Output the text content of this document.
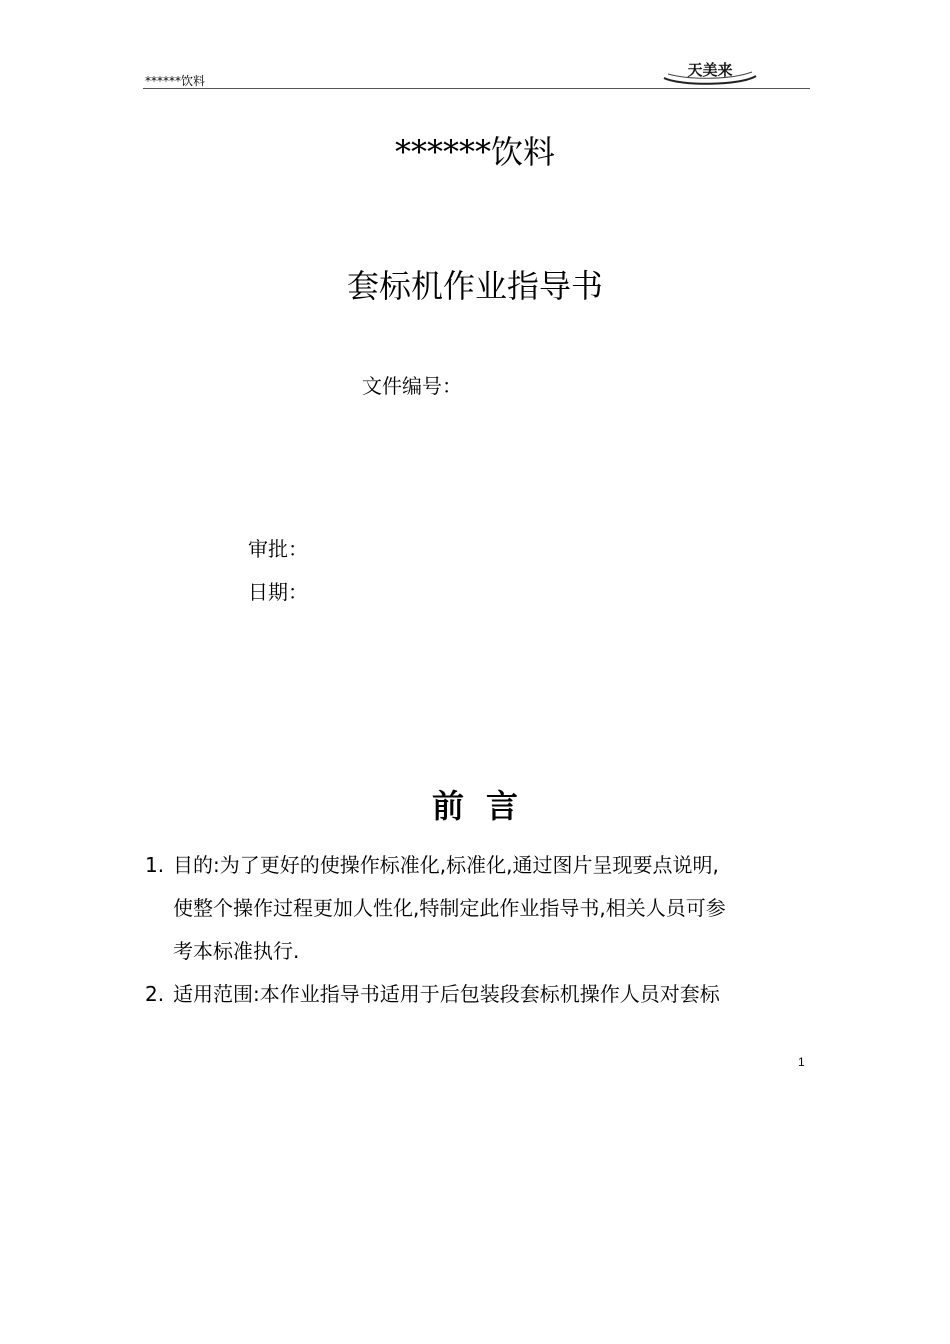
******饮料
天美来
******饮料
套标机作业指导书
文件编号：
审批：
日期：
前言
1. 目的:为了更好的使操作标准化,标准化,通过图片呈现要点说明,
使整个操作过程更加人性化,特制定此作业指导书,相关人员可参
考本标准执行.
2. 适用范围:本作业指导书适用于后包装段套标机操作人员对套标
1
